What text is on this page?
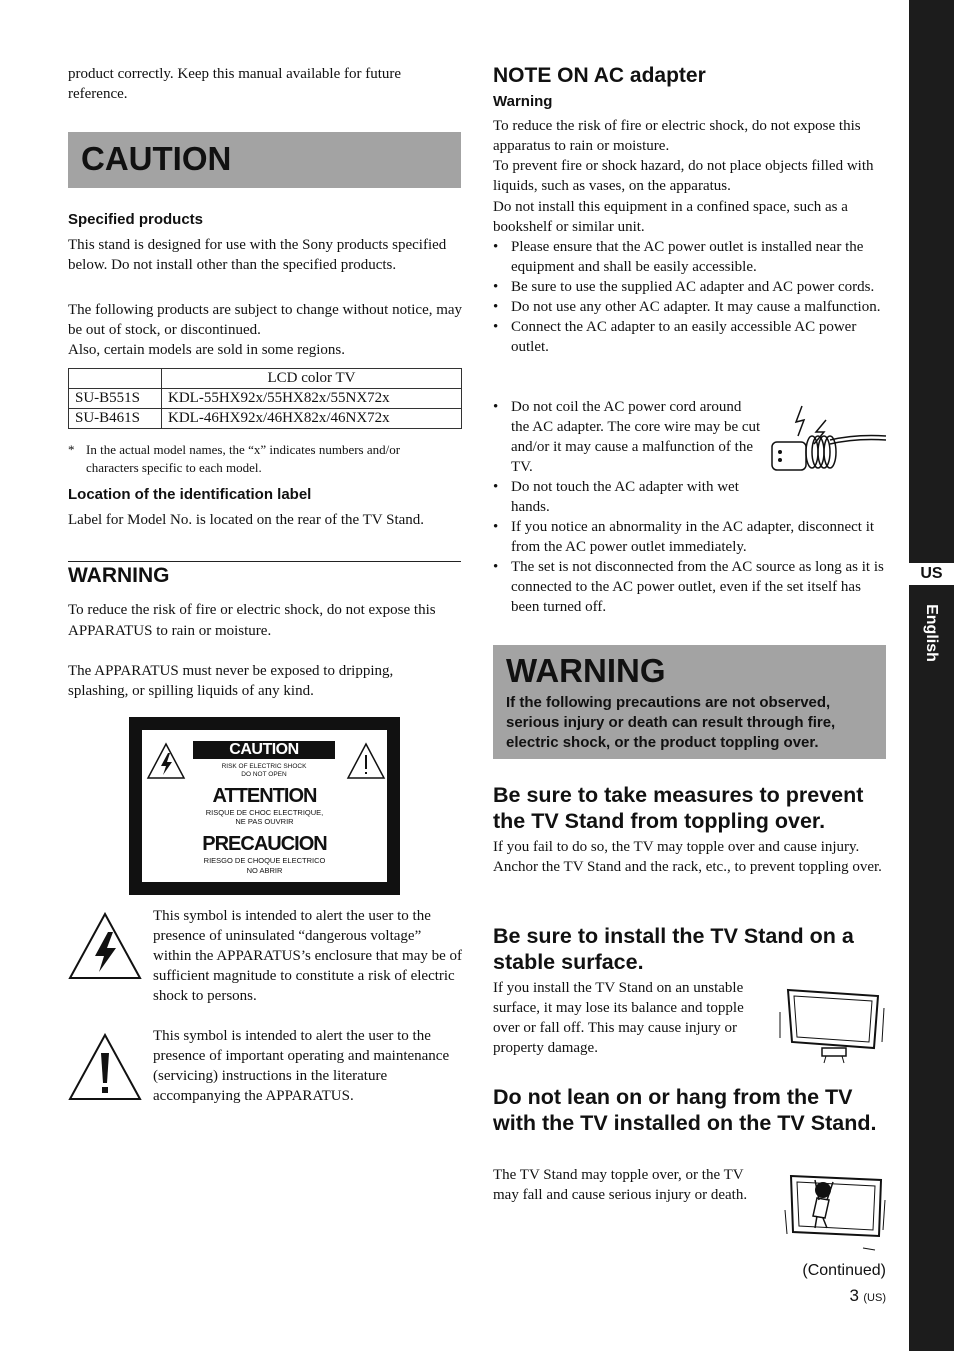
product correctly. Keep this manual available for future reference.

CAUTION
Specified products

This stand is designed for use with the Sony products specified below. Do not install other than the specified products.

The following products are subject to change without notice, may be out of stock, or discontinued.

Also, certain models are sold in some regions.

	LCD color TV
SU-B551S	KDL-55HX92x/55HX82x/55NX72x
SU-B461S	KDL-46HX92x/46HX82x/46NX72x
* In the actual model names, the “x” indicates numbers and/or characters specific to each model.

Location of the identification label

Label for Model No. is located on the rear of the TV Stand.

WARNING

To reduce the risk of fire or electric shock, do not expose this APPARATUS to rain or moisture.

The APPARATUS must never be exposed to dripping, splashing, or spilling liquids of any kind.

CAUTION
RISK OF ELECTRIC SHOCK
DO NOT OPEN
ATTENTION
RISQUE DE CHOC ELECTRIQUE,
NE PAS OUVRIR
PRECAUCION
RIESGO DE CHOQUE ELECTRICO
NO ABRIR

This symbol is intended to alert the user to the presence of uninsulated “dangerous voltage” within the APPARATUS’s enclosure that may be of sufficient magnitude to constitute a risk of electric shock to persons.

This symbol is intended to alert the user to the presence of important operating and maintenance (servicing) instructions in the literature accompanying the APPARATUS.

NOTE ON AC adapter
Warning

To reduce the risk of fire or electric shock, do not expose this apparatus to rain or moisture.

To prevent fire or shock hazard, do not place objects filled with liquids, such as vases, on the apparatus.

Do not install this equipment in a confined space, such as a bookshelf or similar unit.

• Please ensure that the AC power outlet is installed near the equipment and shall be easily accessible.
• Be sure to use the supplied AC adapter and AC power cords.
• Do not use any other AC adapter. It may cause a malfunction.
• Connect the AC adapter to an easily accessible AC power outlet.
• Do not coil the AC power cord around the AC adapter. The core wire may be cut and/or it may cause a malfunction of the TV.
• Do not touch the AC adapter with wet hands.
• If you notice an abnormality in the AC adapter, disconnect it from the AC power outlet immediately.
• The set is not disconnected from the AC source as long as it is connected to the AC power outlet, even if the set itself has been turned off.
WARNING

If the following precautions are not observed, serious injury or death can result through fire, electric shock, or the product toppling over.

Be sure to take measures to prevent the TV Stand from toppling over.

If you fail to do so, the TV may topple over and cause injury. Anchor the TV Stand and the rack, etc., to prevent toppling over.

Be sure to install the TV Stand on a stable surface.

If you install the TV Stand on an unstable surface, it may lose its balance and topple over or fall off. This may cause injury or property damage.

Do not lean on or hang from the TV with the TV installed on the TV Stand.

The TV Stand may topple over, or the TV may fall and cause serious injury or death.

(Continued)
3 (US)
US
English
